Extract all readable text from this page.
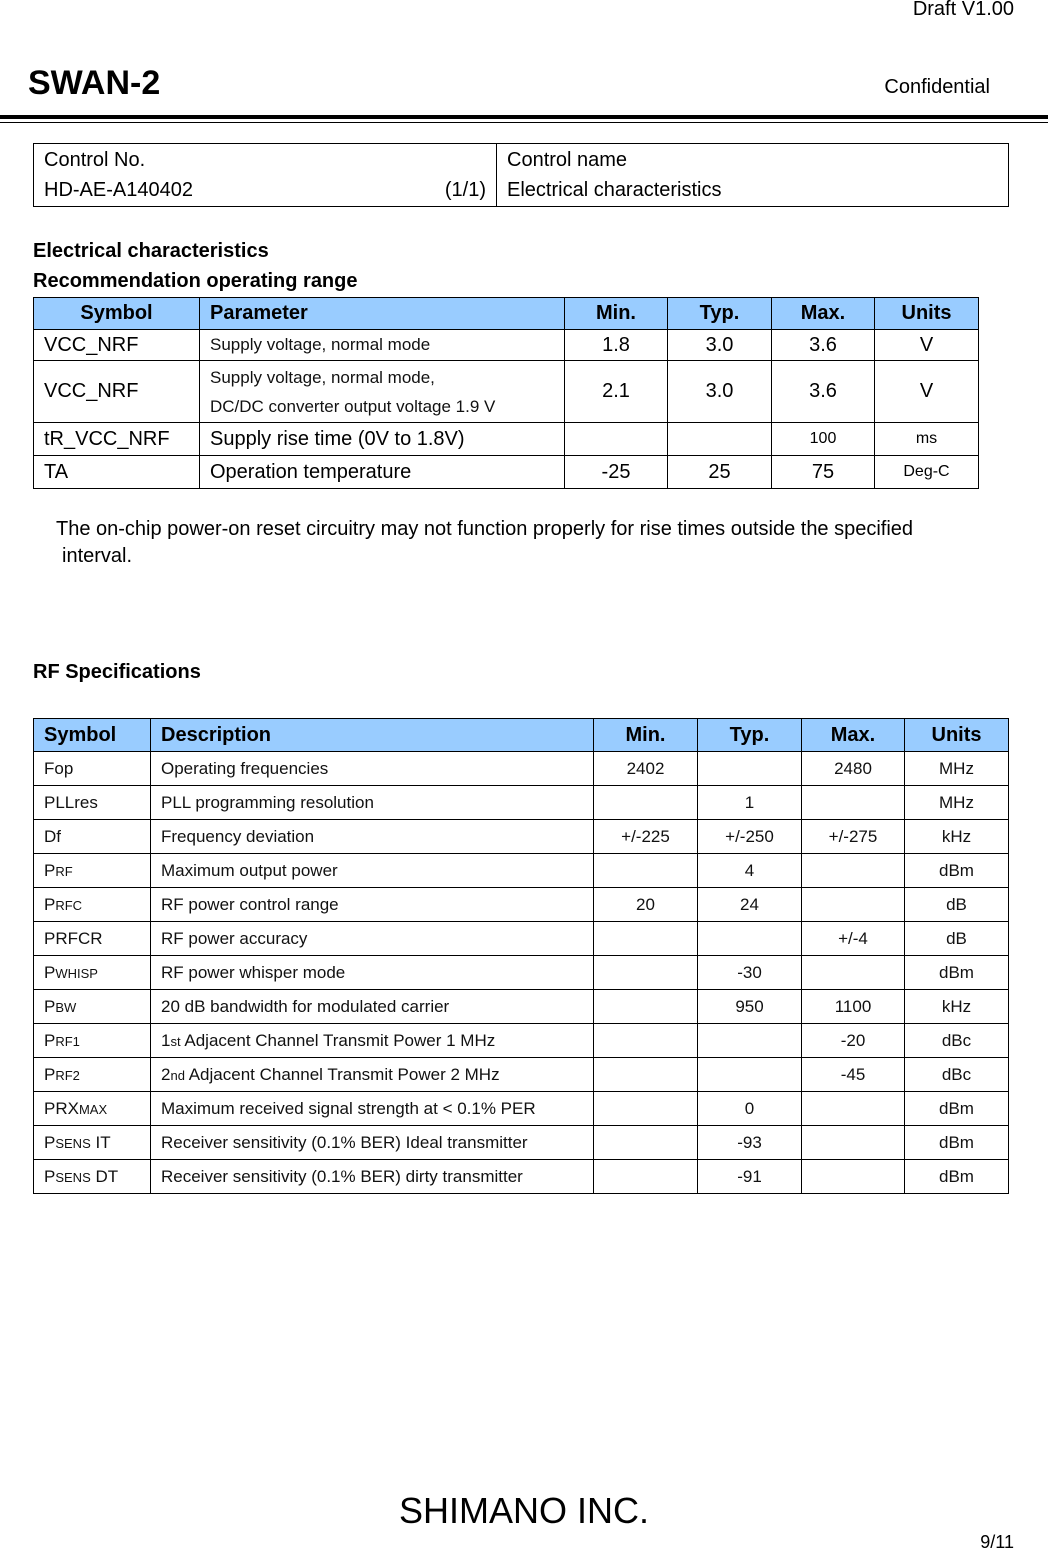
Draft V1.00
SWAN-2	Confidential
Control No.
HD-AE-A140402	(1/1)

Control name
Electrical characteristics
Electrical characteristics
Recommendation operating range
Symbol	Parameter	Min.	Typ.	Max.	Units
VCC_NRF	Supply voltage, normal mode	1.8	3.0	3.6	V
VCC_NRF	Supply voltage, normal mode,
DC/DC converter output voltage 1.9 V	2.1	3.0	3.6	V
tR_VCC_NRF	Supply rise time (0V to 1.8V)			100	ms
TA	Operation temperature	-25	25	75	Deg-C
The on-chip power-on reset circuitry may not function properly for rise times outside the specified
interval.
RF Specifications
Symbol	Description	Min.	Typ.	Max.	Units
Fop	Operating frequencies	2402		2480	MHz
PLLres	PLL programming resolution		1		MHz
Df	Frequency deviation	+/-225	+/-250	+/-275	kHz
PRF	Maximum output power		4		dBm
PRFC	RF power control range	20	24		dB
PRFCR	RF power accuracy			+/-4	dB
PWHISP	RF power whisper mode		-30		dBm
PBW	20 dB bandwidth for modulated carrier		950	1100	kHz
PRF1	1st Adjacent Channel Transmit Power 1 MHz			-20	dBc
PRF2	2nd Adjacent Channel Transmit Power 2 MHz			-45	dBc
PRXMAX	Maximum received signal strength at < 0.1% PER		0		dBm
PSENS IT	Receiver sensitivity (0.1% BER) Ideal transmitter		-93		dBm
PSENS DT	Receiver sensitivity (0.1% BER) dirty transmitter		-91		dBm
SHIMANO INC.
9/11
